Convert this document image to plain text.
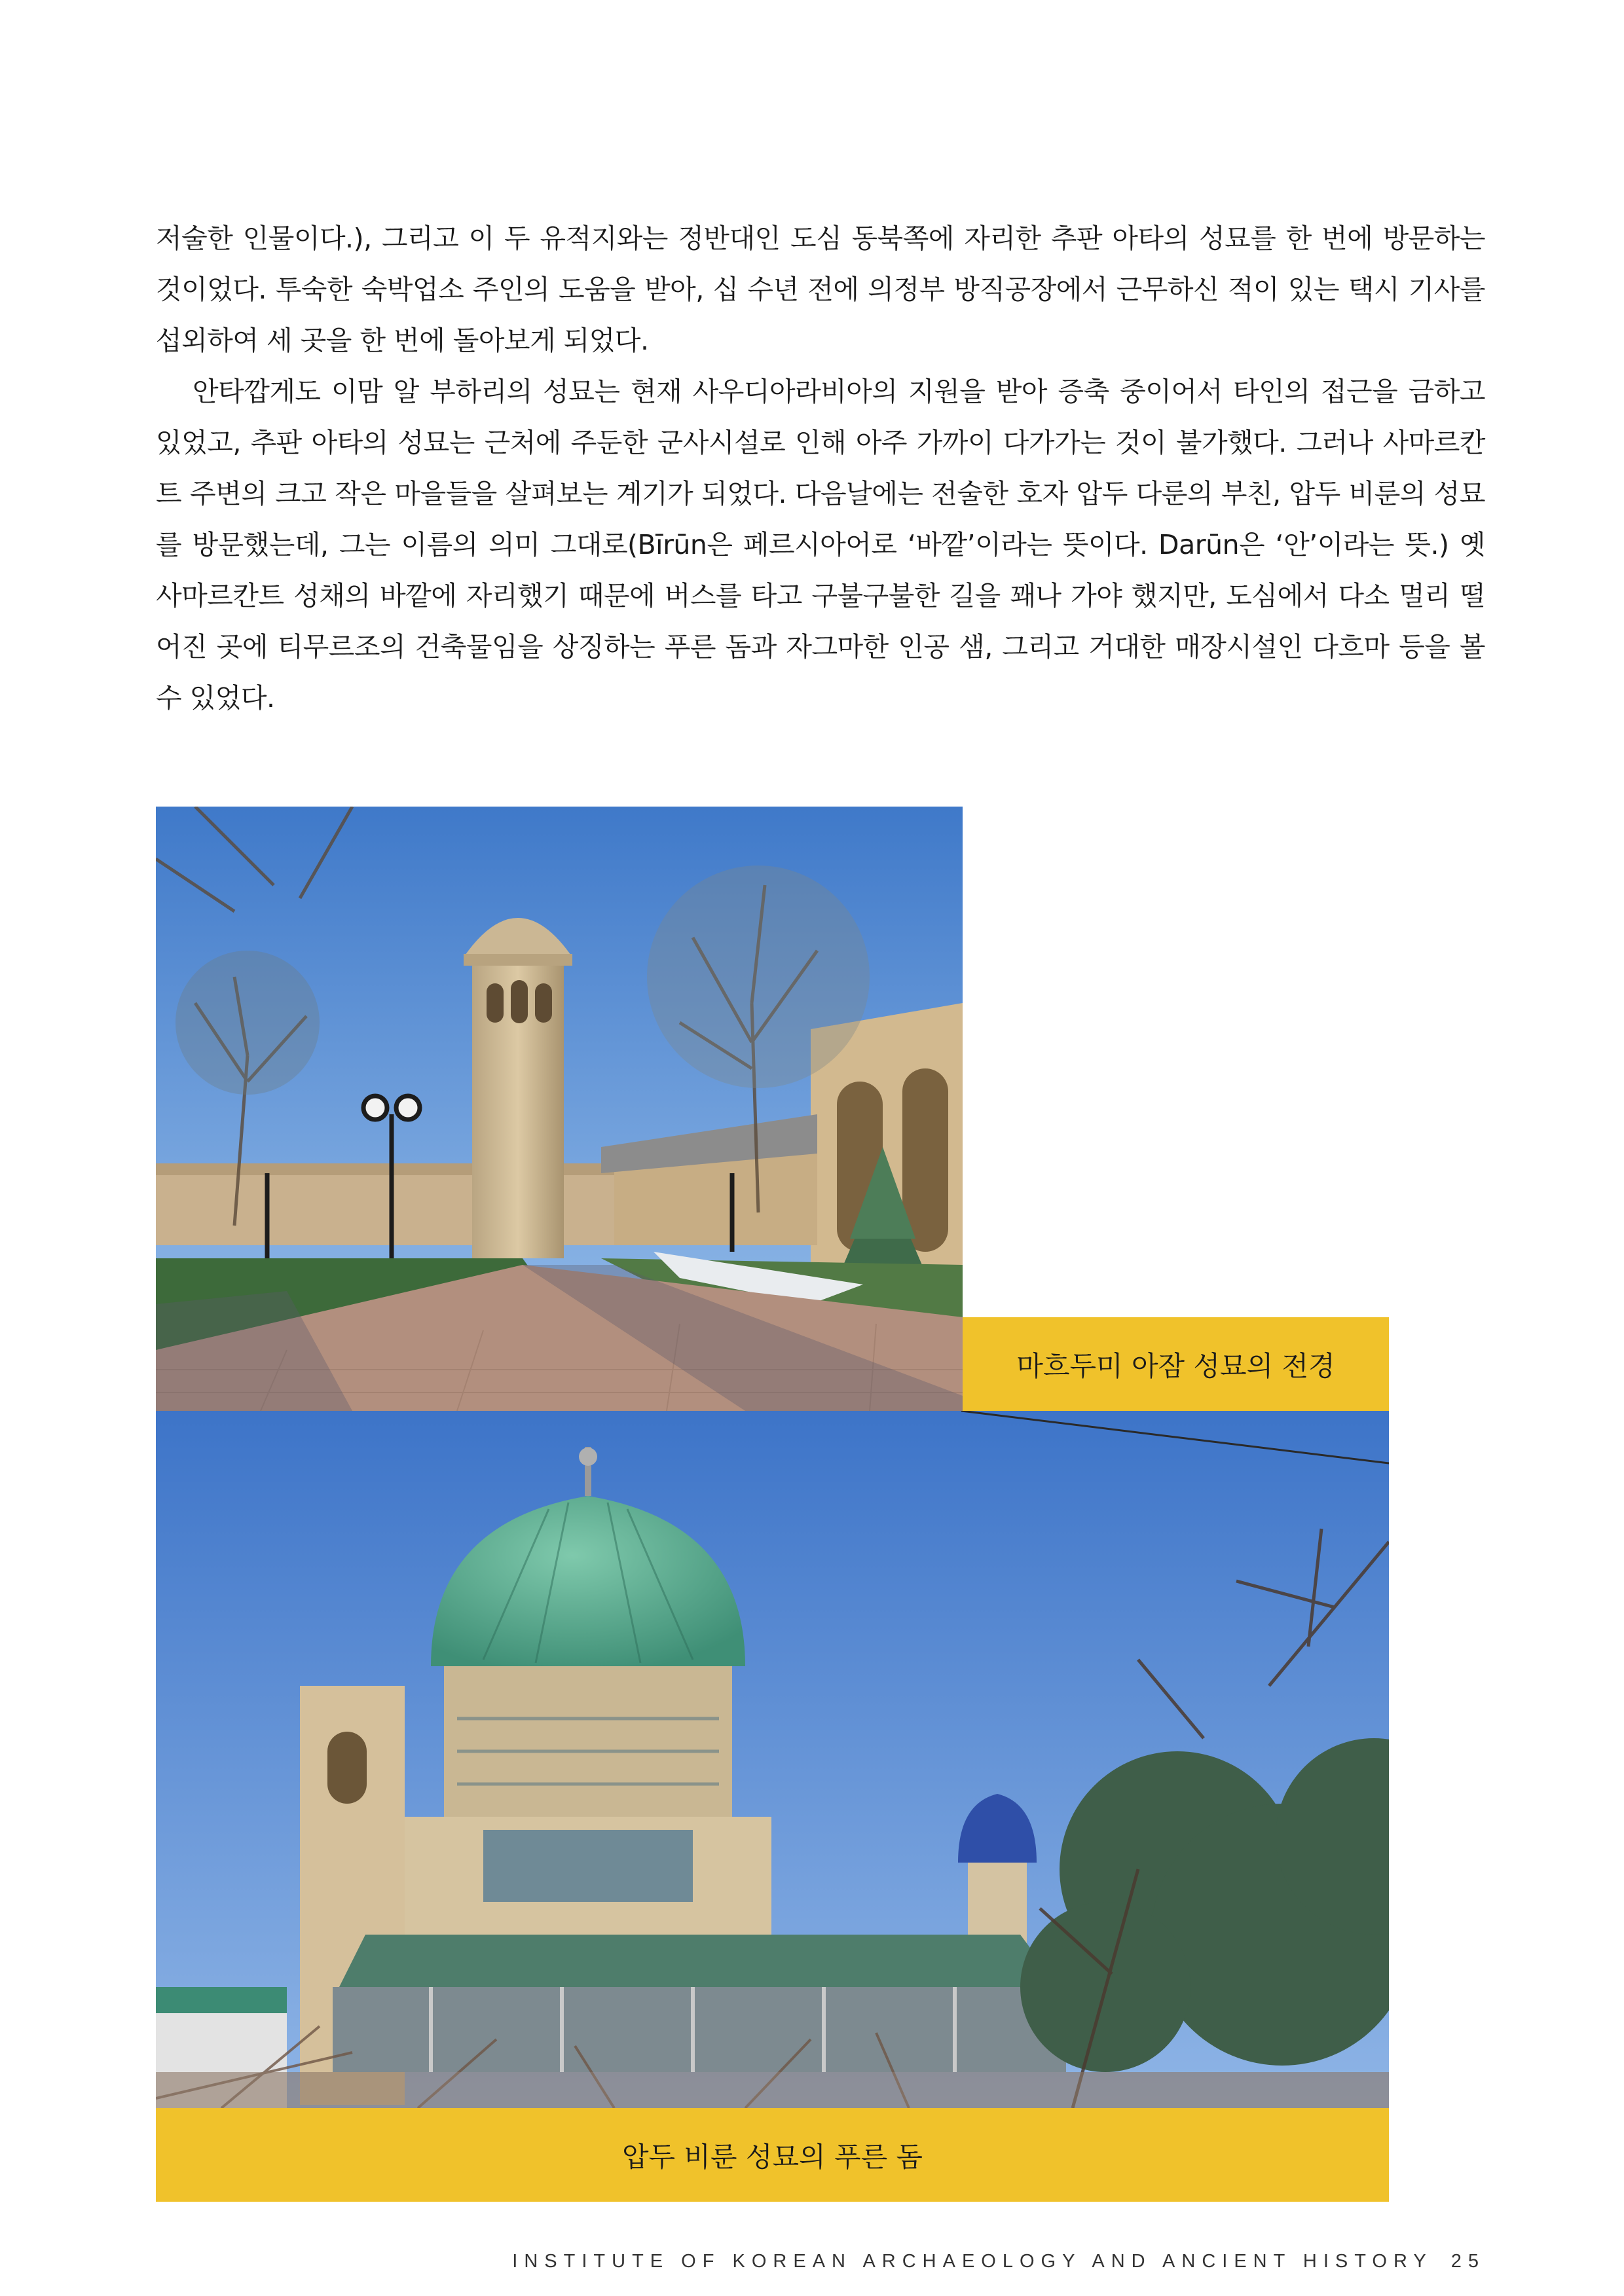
저술한 인물이다.), 그리고 이 두 유적지와는 정반대인 도심 동북쪽에 자리한 추판 아타의 성묘를 한 번에 방문하는 것이었다. 투숙한 숙박업소 주인의 도움을 받아, 십 수년 전에 의정부 방직공장에서 근무하신 적이 있는 택시 기사를 섭외하여 세 곳을 한 번에 돌아보게 되었다.

안타깝게도 이맘 알 부하리의 성묘는 현재 사우디아라비아의 지원을 받아 증축 중이어서 타인의 접근을 금하고 있었고, 추판 아타의 성묘는 근처에 주둔한 군사시설로 인해 아주 가까이 다가가는 것이 불가했다. 그러나 사마르칸트 주변의 크고 작은 마을들을 살펴보는 계기가 되었다. 다음날에는 전술한 호자 압두 다룬의 부친, 압두 비룬의 성묘를 방문했는데, 그는 이름의 의미 그대로(Bīrūn은 페르시아어로 ‘바깥’이라는 뜻이다. Darūn은 ‘안’이라는 뜻.) 옛 사마르칸트 성채의 바깥에 자리했기 때문에 버스를 타고 구불구불한 길을 꽤나 가야 했지만, 도심에서 다소 멀리 떨어진 곳에 티무르조의 건축물임을 상징하는 푸른 돔과 자그마한 인공 샘, 그리고 거대한 매장시설인 다흐마 등을 볼 수 있었다.

마흐두미 아잠 성묘의 전경
압두 비룬 성묘의 푸른 돔
INSTITUTE OF KOREAN ARCHAEOLOGY AND ANCIENT HISTORY 25
